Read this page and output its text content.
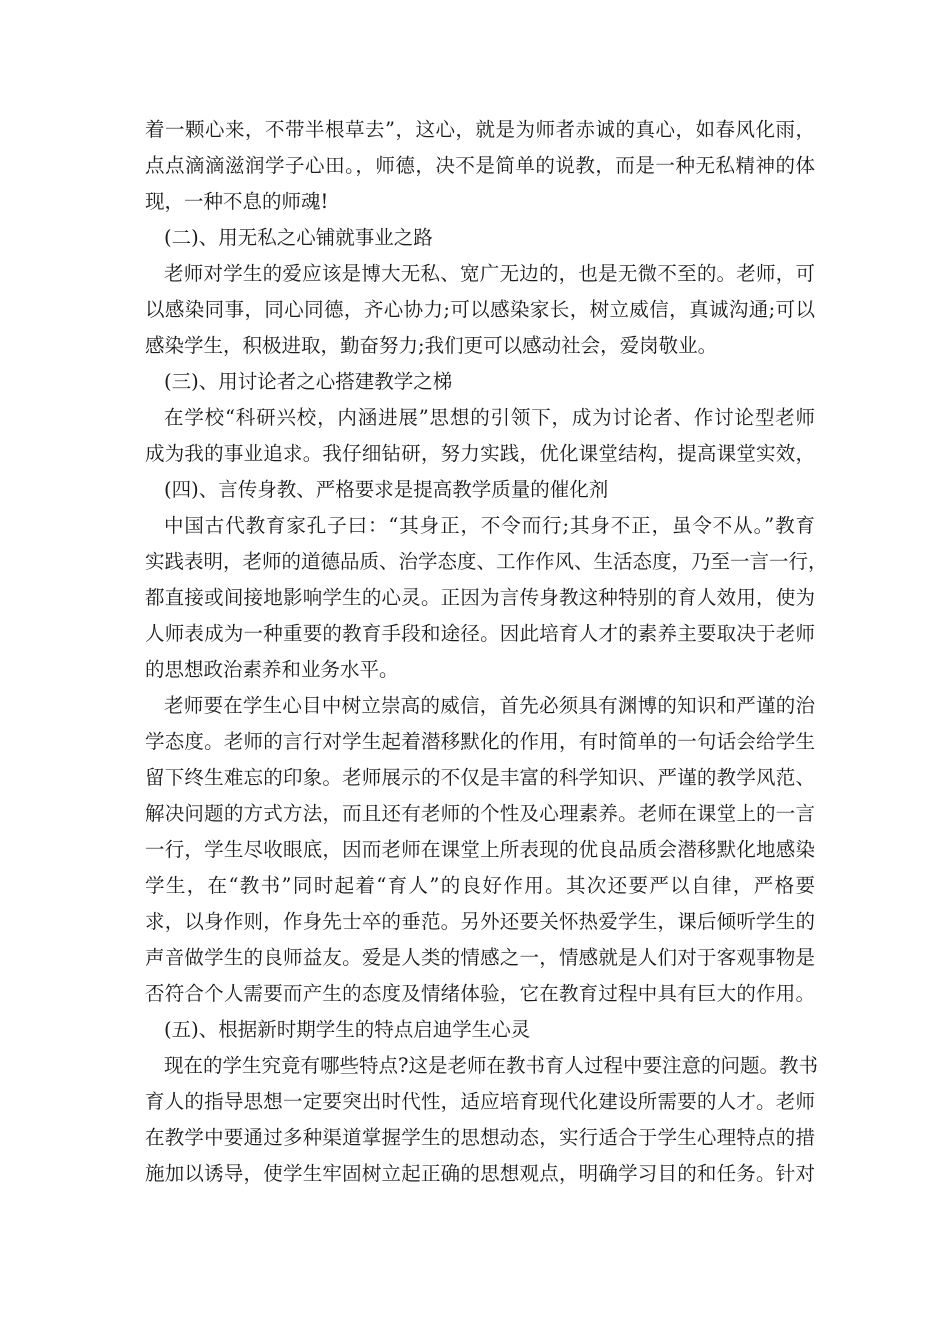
着一颗心来，不带半根草去”，这心，就是为师者赤诚的真心，如春风化雨，
点点滴滴滋润学子心田。，师德，决不是简单的说教，而是一种无私精神的体
现，一种不息的师魂!
(二)、用无私之心铺就事业之路
老师对学生的爱应该是博大无私、宽广无边的，也是无微不至的。老师，可
以感染同事，同心同德，齐心协力;可以感染家长，树立威信，真诚沟通;可以
感染学生，积极进取，勤奋努力;我们更可以感动社会，爱岗敬业。
(三)、用讨论者之心搭建教学之梯
在学校“科研兴校，内涵进展”思想的引领下，成为讨论者、作讨论型老师
成为我的事业追求。我仔细钻研，努力实践，优化课堂结构，提高课堂实效，
(四)、言传身教、严格要求是提高教学质量的催化剂
中国古代教育家孔子曰：“其身正，不令而行;其身不正，虽令不从。”教育
实践表明，老师的道德品质、治学态度、工作作风、生活态度，乃至一言一行，
都直接或间接地影响学生的心灵。正因为言传身教这种特别的育人效用，使为
人师表成为一种重要的教育手段和途径。因此培育人才的素养主要取决于老师
的思想政治素养和业务水平。
老师要在学生心目中树立崇高的威信，首先必须具有渊博的知识和严谨的治
学态度。老师的言行对学生起着潜移默化的作用，有时简单的一句话会给学生
留下终生难忘的印象。老师展示的不仅是丰富的科学知识、严谨的教学风范、
解决问题的方式方法，而且还有老师的个性及心理素养。老师在课堂上的一言
一行，学生尽收眼底，因而老师在课堂上所表现的优良品质会潜移默化地感染
学生，在“教书”同时起着“育人”的良好作用。其次还要严以自律，严格要
求，以身作则，作身先士卒的垂范。另外还要关怀热爱学生，课后倾听学生的
声音做学生的良师益友。爱是人类的情感之一，情感就是人们对于客观事物是
否符合个人需要而产生的态度及情绪体验，它在教育过程中具有巨大的作用。
(五)、根据新时期学生的特点启迪学生心灵
现在的学生究竟有哪些特点?这是老师在教书育人过程中要注意的问题。教书
育人的指导思想一定要突出时代性，适应培育现代化建设所需要的人才。老师
在教学中要通过多种渠道掌握学生的思想动态，实行适合于学生心理特点的措
施加以诱导，使学生牢固树立起正确的思想观点，明确学习目的和任务。针对
